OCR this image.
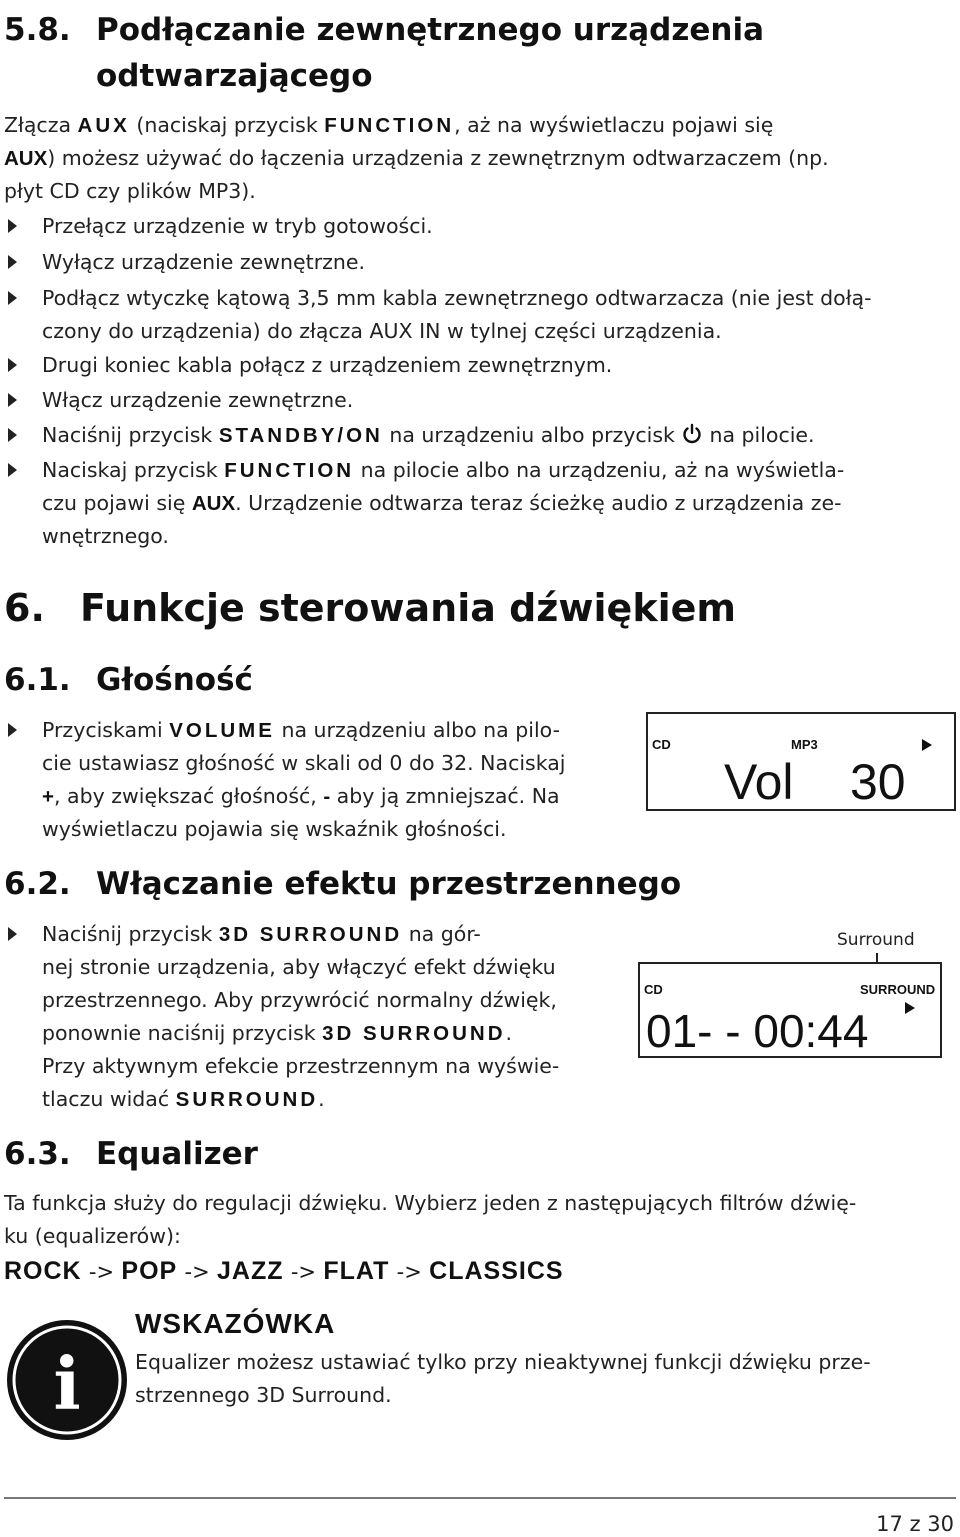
5.8. Podłączanie zewnętrznego urządzenia
odtwarzającego
Złącza AUX (naciskaj przycisk FUNCTION, aż na wyświetlaczu pojawi się
AUX) możesz używać do łączenia urządzenia z zewnętrznym odtwarzaczem (np.
płyt CD czy plików MP3).
Przełącz urządzenie w tryb gotowości.
Wyłącz urządzenie zewnętrzne.
Podłącz wtyczkę kątową 3,5 mm kabla zewnętrznego odtwarzacza (nie jest dołą-
czony do urządzenia) do złącza AUX IN w tylnej części urządzenia.
Drugi koniec kabla połącz z urządzeniem zewnętrznym.
Włącz urządzenie zewnętrzne.
Naciśnij przycisk STANDBY/ON na urządzeniu albo przycisk na pilocie.
Naciskaj przycisk FUNCTION na pilocie albo na urządzeniu, aż na wyświetla-
czu pojawi się AUX. Urządzenie odtwarza teraz ścieżkę audio z urządzenia ze-
wnętrznego.
6. Funkcje sterowania dźwiękiem
6.1. Głośność
Przyciskami VOLUME na urządzeniu albo na pilo-
cie ustawiasz głośność w skali od 0 do 32. Naciskaj
+, aby zwiększać głośność, - aby ją zmniejszać. Na
wyświetlaczu pojawia się wskaźnik głośności.
CD	MP3
Vol 30
6.2. Włączanie efektu przestrzennego
Naciśnij przycisk 3D SURROUND na gór-
nej stronie urządzenia, aby włączyć efekt dźwięku
przestrzennego. Aby przywrócić normalny dźwięk,
ponownie naciśnij przycisk 3D SURROUND.
Przy aktywnym efekcie przestrzennym na wyświe-
tlaczu widać SURROUND.
Surround
CD	SURROUND
01- - 00:44
6.3. Equalizer
Ta funkcja służy do regulacji dźwięku. Wybierz jeden z następujących filtrów dźwię-
ku (equalizerów):
ROCK -> POP -> JAZZ -> FLAT -> CLASSICS
i
WSKAZÓWKA
Equalizer możesz ustawiać tylko przy nieaktywnej funkcji dźwięku prze-
strzennego 3D Surround.
17 z 30
